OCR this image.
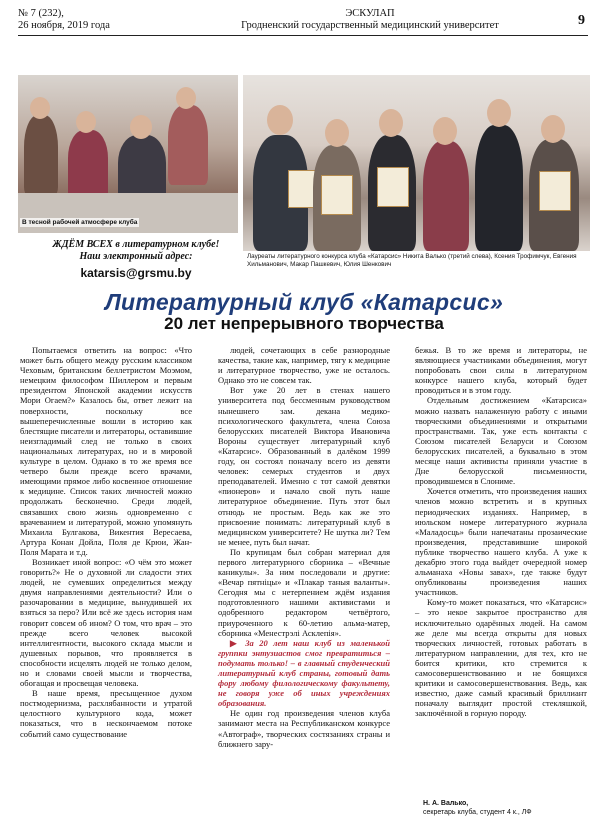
№ 7 (232),
26 ноября, 2019 года
ЭСКУЛАП
Гродненский государственный медицинский университет	9
В тесной рабочей атмосфере клуба
Лауреаты литературного конкурса клуба «Катарсис» Никита Валько (третий слева), Ксения Трофимчук, Евгения Хильманович, Макар Пашкевич, Юлия Шенкович
ЖДЁМ ВСЕХ в литературном клубе!
Наш электронный адрес:
katarsis@grsmu.by
Литературный клуб «Катарсис»
20 лет непрерывного творчества

Попытаемся ответить на вопрос: «Что может быть общего между русским классиком Чеховым, британским беллетристом Моэмом, немецким философом Шиллером и первым президентом Японской академии искусств Мори Огаем?» Казалось бы, ответ лежит на поверхности, поскольку все вышеперечисленные вошли в историю как блестящие писатели и литераторы, оставившие неизгладимый след не только в своих национальных литературах, но и в мировой культуре в целом. Однако в то же время все четверо были прежде всего врачами, имеющими прямое либо косвенное отношение к медицине. Список таких личностей можно продолжать бесконечно. Среди людей, связавших свою жизнь одновременно с врачеванием и литературой, можно упомянуть Михаила Булгакова, Викентия Вересаева, Артура Конан Дойла, Поля де Крюи, Жан-Поля Марата и т.д.

Возникает иной вопрос: «О чём это может говорить?» Не о духовной ли сладости этих людей, не сумевших определиться между двумя направлениями деятельности? Или о разочаровании в медицине, вынудившей их взяться за перо? Или всё же здесь история нам говорит совсем об ином? О том, что врач – это прежде всего человек высокой интеллигентности, высокого склада мысли и душевных порывов, что проявляется в способности исцелять людей не только делом, но и словами своей мысли и творчества, обогащая и просвещая человека.

В наше время, пресыщенное духом постмодернизма, расхлябанности и утратой целостного культурного кода, может показаться, что в нескончаемом потоке событий само существование

людей, сочетающих в себе разнородные качества, такие как, например, тягу к медицине и литературное творчество, уже не осталось. Однако это не совсем так.

Вот уже 20 лет в стенах нашего университета под бессменным руководством нынешнего зам. декана медико-психологического факультета, члена Союза белорусских писателей Виктора Ивановича Вороны существует литературный клуб «Катарсис». Образованный в далёком 1999 году, он состоял поначалу всего из девяти человек: семерых студентов и двух преподавателей. Именно с тот самой девятки «пионеров» и начало свой путь наше литературное объединение. Путь этот был отнюдь не простым. Ведь как же это присвоение понимать: литературный клуб в медицинском университете? Не шутка ли? Тем не менее, путь был начат.

По крупицам был собран материал для первого литературного сборника – «Вечные каникулы». За ним последовали и другие: «Вечар пятніцы» и «Плакар таныя валанты». Сегодня мы с нетерпением ждём издания подготовленного нашими активистами и одобренного редактором четвёртого, приуроченного к 60-летию альма-матер, сборника «Менестрэлі Асклепія».

▶ За 20 лет наш клуб из маленькой группки энтузиастов смог превратиться – подумать только! – в главный студенческий литературный клуб страны, готовый дать фору любому филологическому факультету, не говоря уже об иных учреждениях образования.

Не один год произведения членов клуба занимают места на Республиканском конкурсе «Автограф», творческих состязаниях страны и ближнего зару-

бежья. В то же время и литераторы, не являющиеся участниками объединения, могут попробовать свои силы в литературном конкурсе нашего клуба, который будет проводиться и в этом году.

Отдельным достижением «Катарсиса» можно назвать налаженную работу с иными творческими объединениями и открытыми пространствами. Так, уже есть контакты с Союзом писателей Беларуси и Союзом белорусских писателей, а буквально в этом месяце наши активисты приняли участие в Дне белорусской письменности, проводившемся в Слониме.

Хочется отметить, что произведения наших членов можно встретить и в крупных периодических изданиях. Например, в июльском номере литературного журнала «Маладосць» были напечатаны прозаические произведения, представившие широкой публике творчество нашего клуба. А уже к декабрю этого года выйдет очередной номер альманаха «Новы завах», где также будут опубликованы произведения наших участников.

Кому-то может показаться, что «Катарсис» – это некое закрытое пространство для исключительно одарённых людей. На самом же деле мы всегда открыты для новых творческих личностей, готовых работать в литературном направлении, для тех, кто не боится критики, кто стремится к самосовершенствованию и не боящихся критики и самосовершенствования. Ведь, как известно, даже самый красивый бриллиант поначалу выглядит простой стекляшкой, заключённой в горную породу.

Н. А. Валько,
секретарь клуба, студент 4 к., ЛФ
